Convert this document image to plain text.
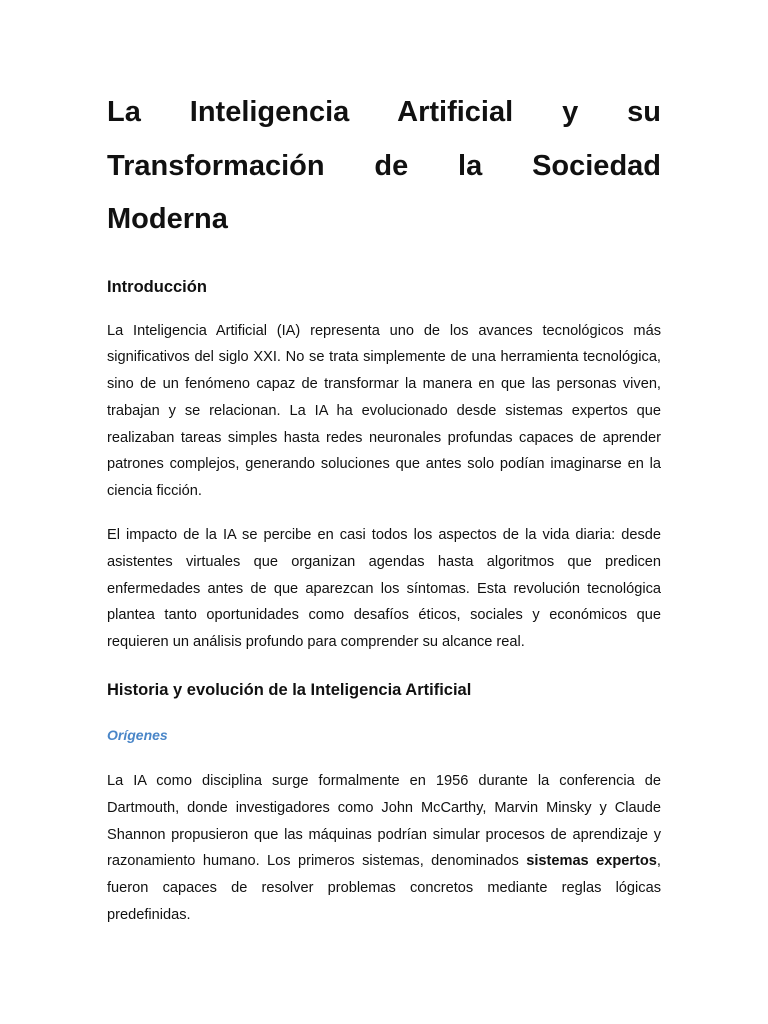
La Inteligencia Artificial y su Transformación de la Sociedad Moderna
Introducción

La Inteligencia Artificial (IA) representa uno de los avances tecnológicos más significativos del siglo XXI. No se trata simplemente de una herramienta tecnológica, sino de un fenómeno capaz de transformar la manera en que las personas viven, trabajan y se relacionan. La IA ha evolucionado desde sistemas expertos que realizaban tareas simples hasta redes neuronales profundas capaces de aprender patrones complejos, generando soluciones que antes solo podían imaginarse en la ciencia ficción.

El impacto de la IA se percibe en casi todos los aspectos de la vida diaria: desde asistentes virtuales que organizan agendas hasta algoritmos que predicen enfermedades antes de que aparezcan los síntomas. Esta revolución tecnológica plantea tanto oportunidades como desafíos éticos, sociales y económicos que requieren un análisis profundo para comprender su alcance real.

Historia y evolución de la Inteligencia Artificial
Orígenes

La IA como disciplina surge formalmente en 1956 durante la conferencia de Dartmouth, donde investigadores como John McCarthy, Marvin Minsky y Claude Shannon propusieron que las máquinas podrían simular procesos de aprendizaje y razonamiento humano. Los primeros sistemas, denominados sistemas expertos, fueron capaces de resolver problemas concretos mediante reglas lógicas predefinidas.
